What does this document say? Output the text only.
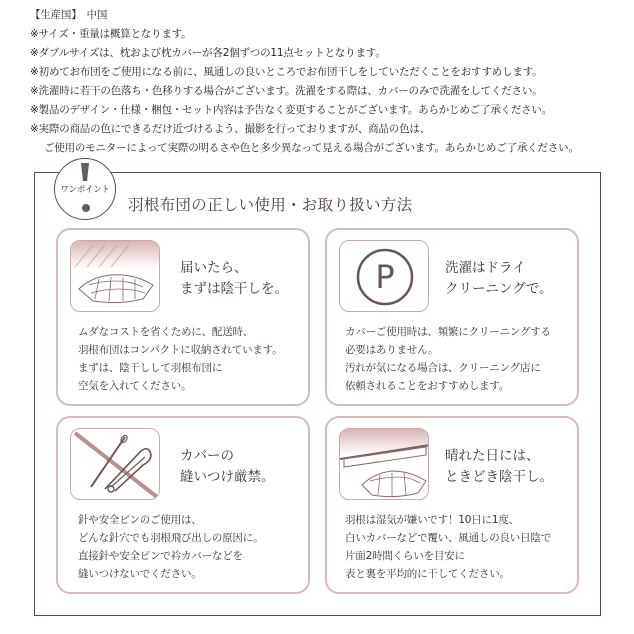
【生産国】　 中国
※サイズ・重量は概算となります。
※ダブルサイズは、枕および枕カバーが各2個ずつの11点セットとなります。
※初めてお布団をご使用になる前に、風通しの良いところでお布団干しをしていただくことをおすすめします。
※洗濯時に若干の色落ち・色移りする場合がございます。洗濯をする際は、カバーのみで洗濯をしてください。
※製品のデザイン・仕様・梱包・セット内容は予告なく変更することがございます。あらかじめご了承ください。
※実際の商品の色にできるだけ近づけるよう、撮影を行っておりますが、商品の色は、
ご使用のモニターによって実際の明るさや色と多少異なって見える場合がございます。あらかじめご了承ください。
ワンポイント
羽根布団の正しい使用・お取り扱い方法
届いたら、
まずは陰干しを。
ムダなコストを省くために、配送時、
羽根布団はコンパクトに収納されています。
まずは、陰干しして羽根布団に
空気を入れてください。
P	洗濯はドライ
クリーニングで。
カバーご使用時は、頻繁にクリーニングする
必要はありません。
汚れが気になる場合は、クリーニング店に
依頼されることをおすすめします。
カバーの
縫いつけ厳禁。
針や安全ピンのご使用は、
どんな針穴でも羽根飛び出しの原因に。
直接針や安全ピンで衿カバーなどを
縫いつけないでください。
晴れた日には、
ときどき陰干し。
羽根は湿気が嫌いです！10日に1度、
白いカバーなどで覆い、風通しの良い日陰で
片面2時間くらいを目安に
表と裏を平均的に干してください。
